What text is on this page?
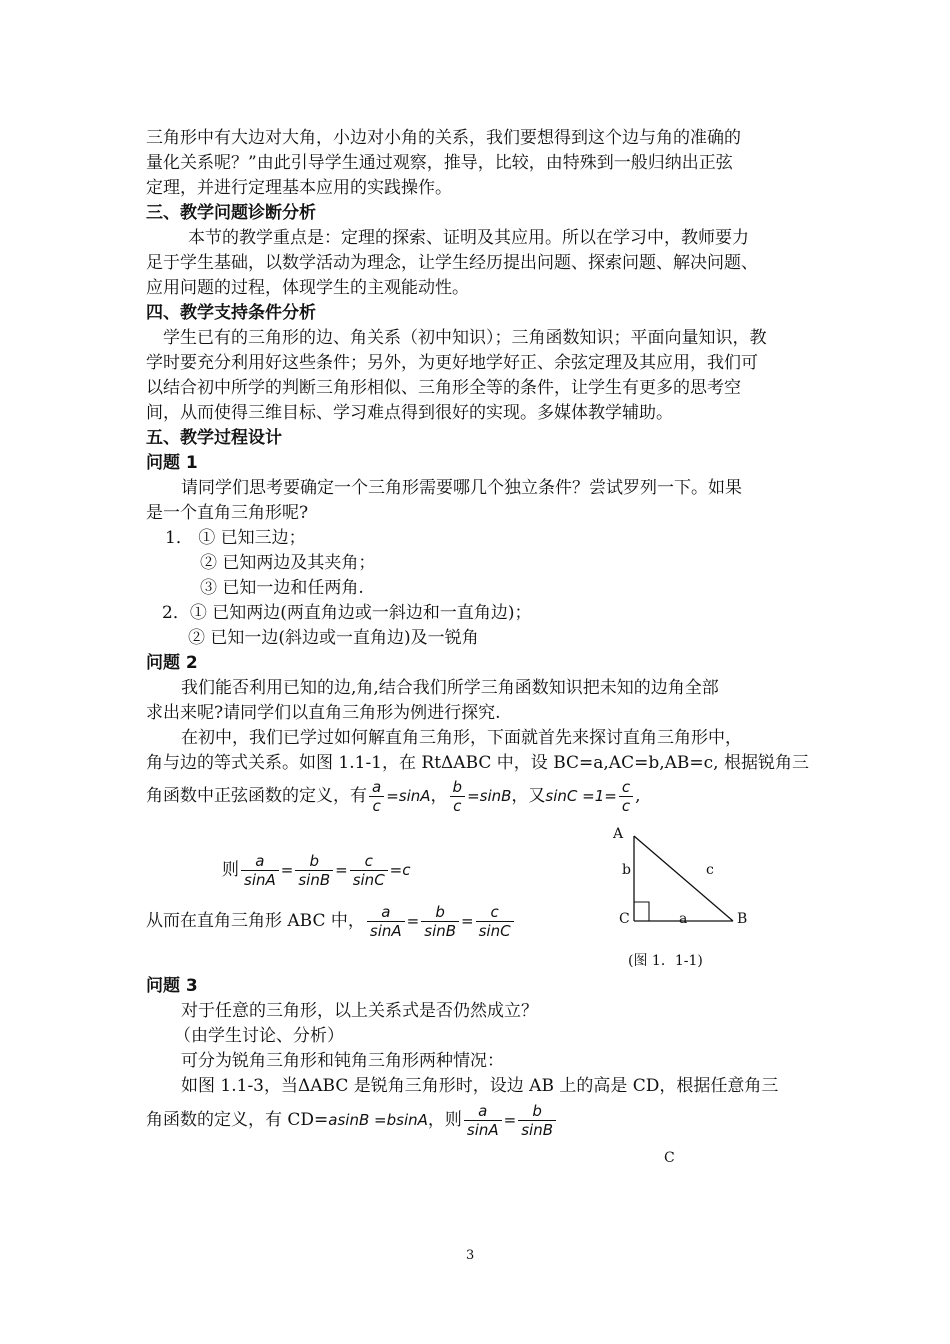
三角形中有大边对大角，小边对小角的关系，我们要想得到这个边与角的准确的
量化关系呢？”由此引导学生通过观察，推导，比较，由特殊到一般归纳出正弦
定理，并进行定理基本应用的实践操作。
三、教学问题诊断分析
本节的教学重点是：定理的探索、证明及其应用。所以在学习中，教师要力
足于学生基础，以数学活动为理念，让学生经历提出问题、探索问题、解决问题、
应用问题的过程，体现学生的主观能动性。
四、教学支持条件分析
学生已有的三角形的边、角关系（初中知识）；三角函数知识；平面向量知识，教
学时要充分利用好这些条件；另外，为更好地学好正、余弦定理及其应用，我们可
以结合初中所学的判断三角形相似、三角形全等的条件，让学生有更多的思考空
间，从而使得三维目标、学习难点得到很好的实现。多媒体教学辅助。
五、教学过程设计
问题 1
请同学们思考要确定一个三角形需要哪几个独立条件？尝试罗列一下。如果
是一个直角三角形呢?
1． ① 已知三边；
② 已知两边及其夹角；
③ 已知一边和任两角.
2．① 已知两边(两直角边或一斜边和一直角边)；
② 已知一边(斜边或一直角边)及一锐角
问题 2
我们能否利用已知的边,角,结合我们所学三角函数知识把未知的边角全部
求出来呢?请同学们以直角三角形为例进行探究.
在初中，我们已学过如何解直角三角形，下面就首先来探讨直角三角形中，
角与边的等式关系。如图 1.1-1，在 RtΔABC 中，设 BC=a,AC=b,AB=c, 根据锐角三
角函数中正弦函数的定义，有 $\frac{a}{c} =\sin A$， $\frac{b}{c} =\sin B$，又$\sin C =1= \frac{c}{c}$ ,
则 $\frac{a}{\sin A} = \frac{b}{\sin B} = \frac{c}{\sin C} =c$
从而在直角三角形 ABC 中， $\frac{a}{\sin A} = \frac{b}{\sin B} = \frac{c}{\sin C}$
A
b	c
C	a	B
(图 1．1-1)
问题 3
对于任意的三角形，以上关系式是否仍然成立？
（由学生讨论、分析）
可分为锐角三角形和钝角三角形两种情况：
如图 1.1-3，当ΔABC 是锐角三角形时，设边 AB 上的高是 CD，根据任意角三
角函数的定义，有 CD=asinB =bsinA，则 $\frac{a}{\sin A} = \frac{b}{\sin B}$
C
3
